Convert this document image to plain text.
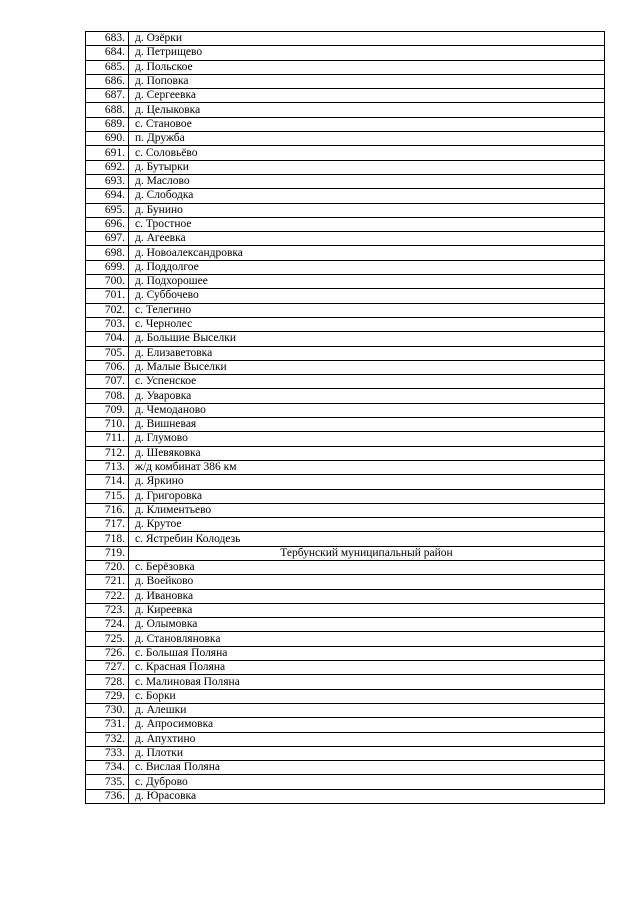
683.	д. Озёрки
684.	д. Петрищево
685.	д. Польское
686.	д. Поповка
687.	д. Сергеевка
688.	д. Целыковка
689.	с. Становое
690.	п. Дружба
691.	с. Соловьёво
692.	д. Бутырки
693.	д. Маслово
694.	д. Слободка
695.	д. Бунино
696.	с. Тростное
697.	д. Агеевка
698.	д. Новоалександровка
699.	д. Поддолгое
700.	д. Подхорошее
701.	д. Суббочево
702.	с. Телегино
703.	с. Чернолес
704.	д. Большие Выселки
705.	д. Елизаветовка
706.	д. Малые Выселки
707.	с. Успенское
708.	д. Уваровка
709.	д. Чемоданово
710.	д. Вишневая
711.	д. Глумово
712.	д. Шевяковка
713.	ж/д комбинат 386 км
714.	д. Яркино
715.	д. Григоровка
716.	д. Климентьево
717.	д. Крутое
718.	с. Ястребин Колодезь
719.	Тербунский муниципальный район
720.	с. Берёзовка
721.	д. Воейково
722.	д. Ивановка
723.	д. Киреевка
724.	д. Олымовка
725.	д. Становляновка
726.	с. Большая Поляна
727.	с. Красная Поляна
728.	с. Малиновая Поляна
729.	с. Борки
730.	д. Алешки
731.	д. Апросимовка
732.	д. Апухтино
733.	д. Плотки
734.	с. Вислая Поляна
735.	с. Дуброво
736.	д. Юрасовка
